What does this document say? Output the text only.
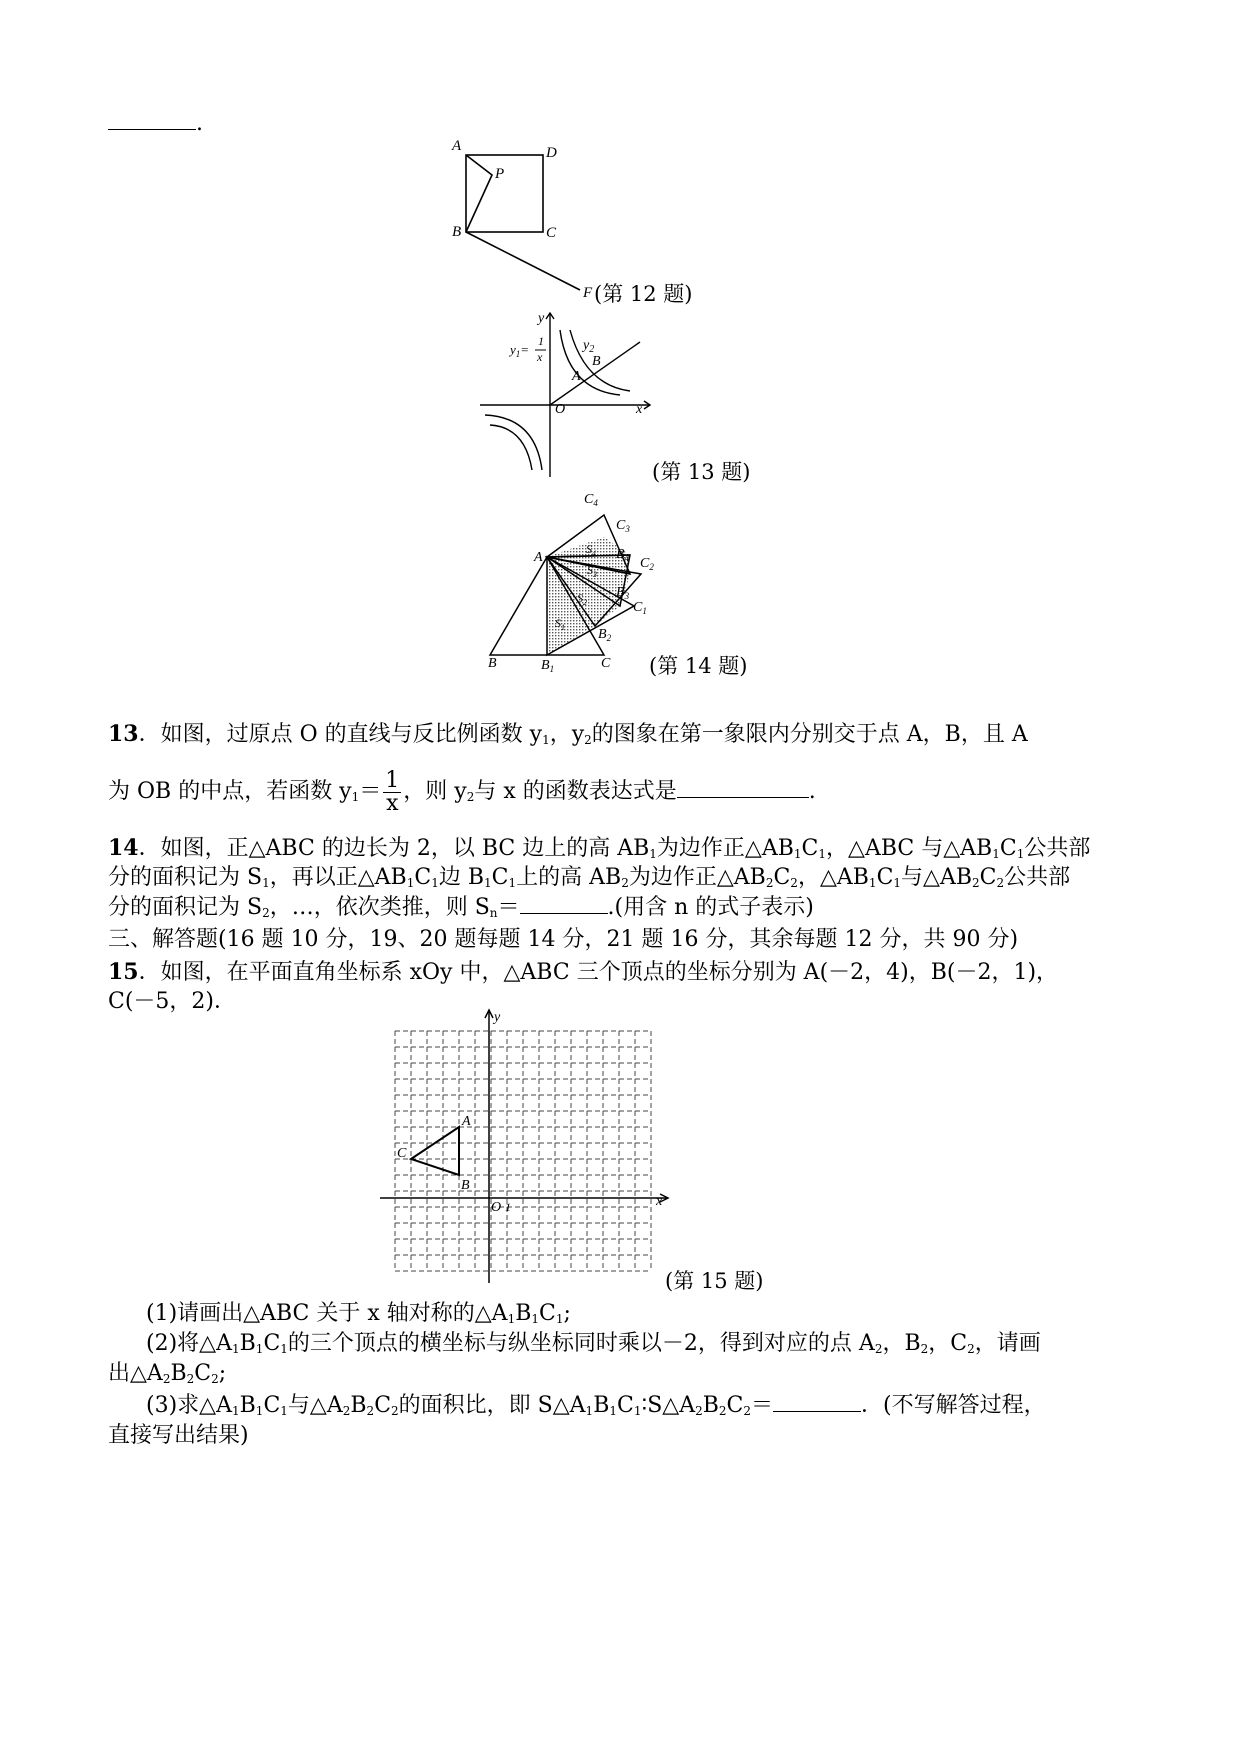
.
A	D
P
B	C
F (第 12 题)
y
x
O
A
B
$y_2$
$y_1=$
1
x
(第 13 题)
A
B	C
$B_1$
$B_2$
$B_3$
$B_4$
$C_1$
$C_2$
$C_3$
$C_4$
$S_1$
$S_2$
$S_3$
$S_4$
(第 14 题)
13．如图，过原点 O 的直线与反比例函数 $y_1$，$y_2$的图象在第一象限内分别交于点 A，B，且 A
为 OB 的中点，若函数 $y_1= \frac{1}{x}$ ，则 $y_2$与 x 的函数表达式是	.
14．如图，正△ABC 的边长为 2，以 BC 边上的高 $AB_1$为边作正$\triangle AB_1C_1$，△ABC 与$\triangle AB_1C_1$公共部
分的面积记为 $S_1$，再以正$\triangle AB_1C_1$边 $B_1C_1$上的高 $AB_2$为边作正$\triangle AB_2C_2$，$\triangle AB_1C_1$与$\triangle AB_2C_2$公共部
分的面积记为 $S_2$，…，依次类推，则 $S_n=$	.(用含 n 的式子表示)
三、解答题(16 题 10 分，19、20 题每题 14 分，21 题 16 分，其余每题 12 分，共 90 分)
15．如图，在平面直角坐标系 xOy 中，△ABC 三个顶点的坐标分别为 A(－2，4)，B(－2，1)，
C(－5，2)．
y
x
O 1
A
B
C
(第 15 题)
(1)请画出△ABC 关于 x 轴对称的$\triangle A_1B_1C_1$;
(2)将$\triangle A_1B_1C_1$的三个顶点的横坐标与纵坐标同时乘以－2，得到对应的点 $A_2$，$B_2$，$C_2$，请画
出$\triangle A_2B_2C_2$;
(3)求$\triangle A_1B_1C_1$与$\triangle A_2B_2C_2$的面积比，即 $S\triangle A_1B_1C_1∶S\triangle A_2B_2C_2=$	．(不写解答过程，
直接写出结果)
